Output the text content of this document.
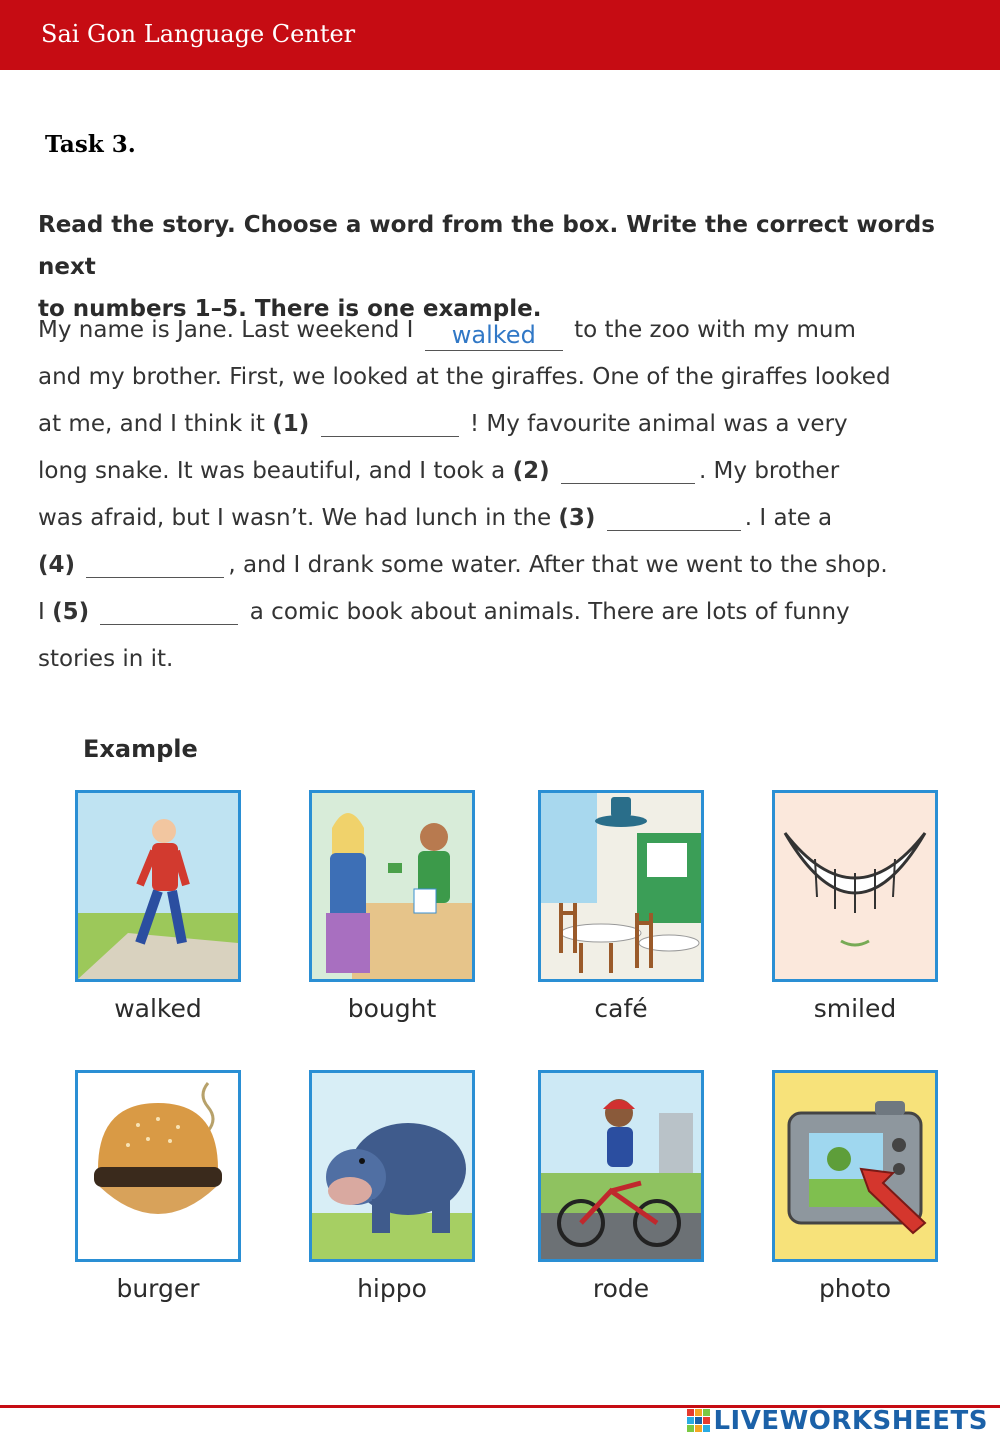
Sai Gon Language Center
Task 3.
Read the story. Choose a word from the box. Write the correct words next
to numbers 1–5. There is one example.
My name is Jane. Last weekend I walked to the zoo with my mum
and my brother. First, we looked at the giraffes. One of the giraffes looked
at me, and I think it (1)	! My favourite animal was a very
long snake. It was beautiful, and I took a (2)	. My brother
was afraid, but I wasn’t. We had lunch in the (3)	. I ate a
(4)	, and I drank some water. After that we went to the shop.
I (5)	a comic book about animals. There are lots of funny
stories in it.
Example
walked	bought	café	smiled
burger	hippo	rode	photo
LIVEWORKSHEETS
